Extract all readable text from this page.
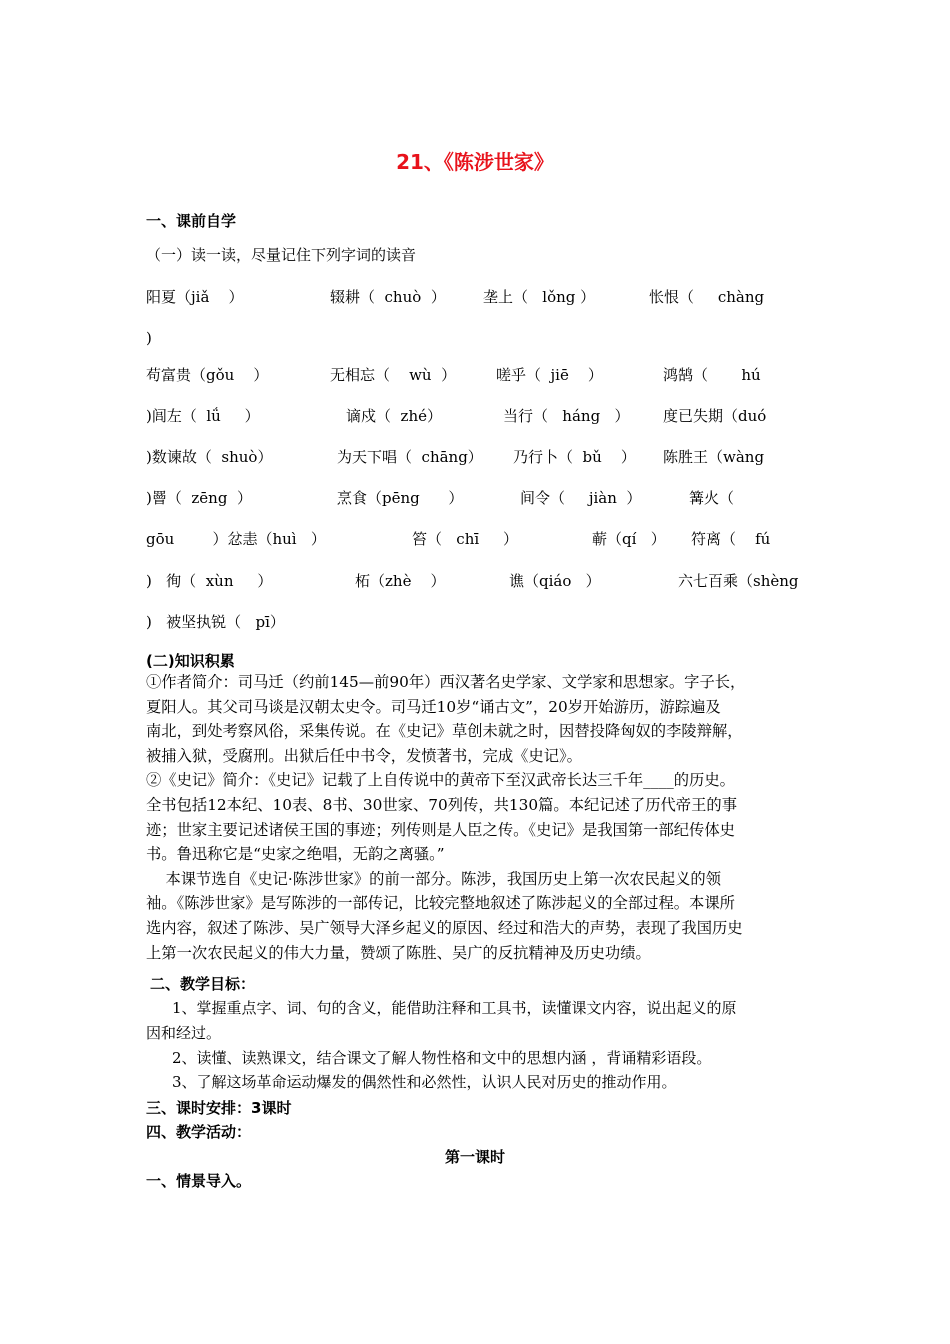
21、《陈涉世家》
一、课前自学
（一）读一读，尽量记住下列字词的读音
阳夏（jiǎ    ）	辍耕（  chuò  ） 垄上（   lǒng ）	怅恨（     chàng
)
苟富贵（gǒu    ）	无相忘（    wù  ）	嗟乎（  jiē    ）	鸿鹄（       hú
)闾左（  lǘ     ）	谪戍（  zhé）	当行（   háng   ） 度已失期（duó
)数谏故（  shuò）	为天下唱（  chāng） 乃行卜（  bǔ    ） 陈胜王（wàng
)罾（  zēng  ）	烹食（pēng      ）	间令（     jiàn  ）	篝火（
gōu        ）忿恚（huì   ）	笞（   chī     ）	蕲（qí   ） 符离（    fú
)   徇（  xùn     ）	柘（zhè    ）	谯（qiáo   ）	六七百乘（shèng
)   被坚执锐（   pī）
(二)知识积累
①作者简介：司马迁（约前145—前90年）西汉著名史学家、文学家和思想家。字子长，
夏阳人。其父司马谈是汉朝太史令。司马迁10岁“诵古文”，20岁开始游历，游踪遍及
南北，到处考察风俗，采集传说。在《史记》草创未就之时，因替投降匈奴的李陵辩解，
被捕入狱，受腐刑。出狱后任中书令，发愤著书，完成《史记》。
②《史记》简介：《史记》记载了上自传说中的黄帝下至汉武帝长达三千年____的历史。
全书包括12本纪、10表、8书、30世家、70列传，共130篇。本纪记述了历代帝王的事
迹；世家主要记述诸侯王国的事迹；列传则是人臣之传。《史记》是我国第一部纪传体史
书。鲁迅称它是“史家之绝唱，无韵之离骚。”
本课节选自《史记·陈涉世家》的前一部分。陈涉，我国历史上第一次农民起义的领
袖。《陈涉世家》是写陈涉的一部传记，比较完整地叙述了陈涉起义的全部过程。本课所
选内容，叙述了陈涉、吴广领导大泽乡起义的原因、经过和浩大的声势，表现了我国历史
上第一次农民起义的伟大力量，赞颂了陈胜、吴广的反抗精神及历史功绩。
二、教学目标：
1、掌握重点字、词、句的含义，能借助注释和工具书，读懂课文内容，说出起义的原
因和经过。
2、读懂、读熟课文，结合课文了解人物性格和文中的思想内涵 ，背诵精彩语段。
3、了解这场革命运动爆发的偶然性和必然性，认识人民对历史的推动作用。
三、课时安排：3课时
四、教学活动：
第一课时
一、情景导入。
